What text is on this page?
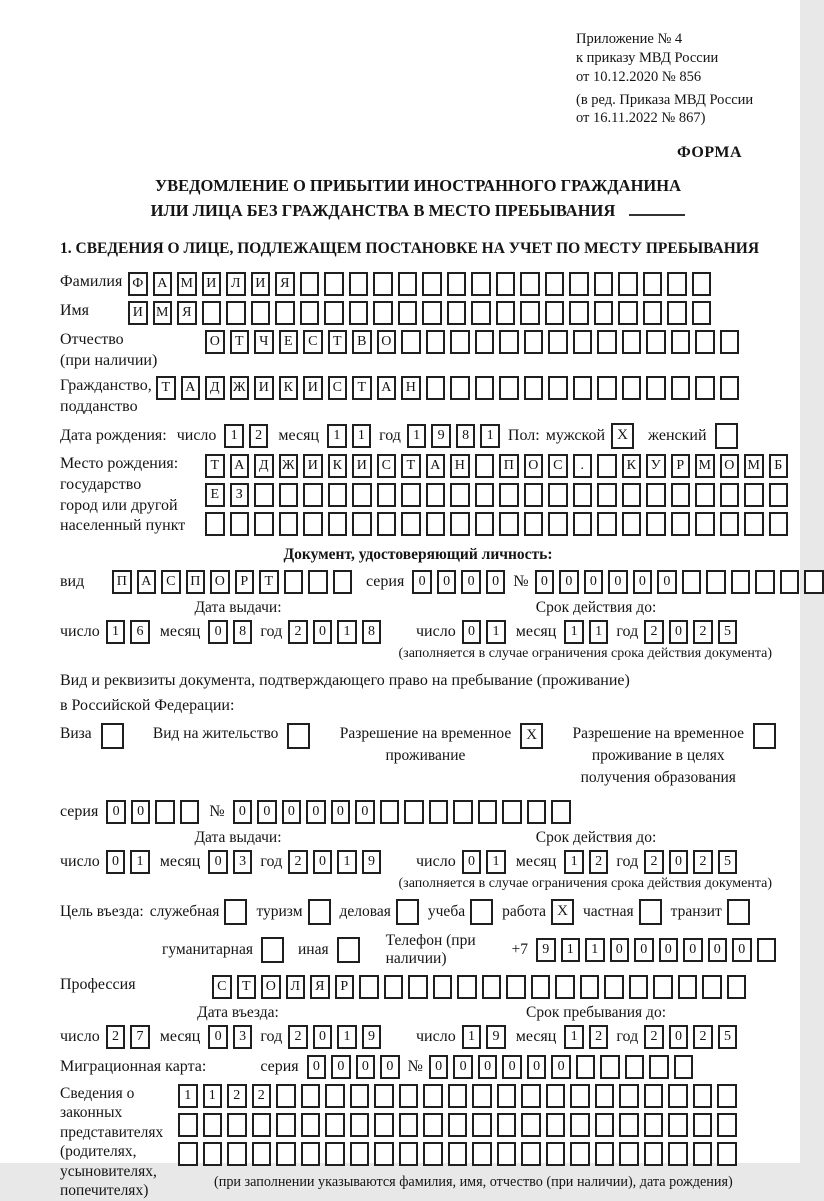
Приложение № 4
к приказу МВД России
от 10.12.2020 № 856
(в ред. Приказа МВД России
от 16.11.2022 № 867)
ФОРМА
УВЕДОМЛЕНИЕ О ПРИБЫТИИ ИНОСТРАННОГО ГРАЖДАНИНА
ИЛИ ЛИЦА БЕЗ ГРАЖДАНСТВА В МЕСТО ПРЕБЫВАНИЯ
1. СВЕДЕНИЯ О ЛИЦЕ, ПОДЛЕЖАЩЕМ ПОСТАНОВКЕ НА УЧЕТ ПО МЕСТУ ПРЕБЫВАНИЯ
Фамилия Ф А М И	Л	И	Я
Имя	И М Я
Отчество
(при наличии)
О	Т	Ч	Е	С	Т	В	О
Гражданство,
подданство
Т	А	Д Ж И	К	И	С	Т	А	Н
Дата рождения: число	1	2	месяц	1	1 год 1	9	8	1 Пол: мужской X	женский
Место рождения:
государство
город или другой
населенный пункт
Т	А	Д Ж И	К	И	С	Т	А	Н	П	О	С	.	К	У	Р	М О М	Б
Е	З
Документ, удостоверяющий личность:
вид	П	А	С	П	О	Р	Т	серия	0	0	0	0 № 0	0	0	0	0	0
Дата выдачи:
число 1	6	месяц	0	8 год 2	0	1	8
Срок действия до:
число 0	1	месяц	1	1 год 2	0	2	5
(заполняется в случае ограничения срока действия документа)
Вид и реквизиты документа, подтверждающего право на пребывание (проживание)
в Российской Федерации:
Виза	Вид на жительство	Разрешение на временное
проживание
X	Разрешение на временное
проживание в целях
получения образования
серия	0	0	№	0	0	0	0	0	0
Дата выдачи:
число 0	1	месяц	0	3 год 2	0	1	9
Срок действия до:
число 0	1	месяц	1	2 год 2	0	2	5
(заполняется в случае ограничения срока действия документа)
Цель въезда: служебная туризм деловая учеба работа X частная транзит
гуманитарная	иная
Телефон (при наличии)
+7	9	1	1	0	0	0	0	0	0
Профессия	С	Т	О	Л	Я	Р
Дата въезда:
число 2	7	месяц	0	3 год 2	0	1	9
Срок пребывания до:
число 1	9	месяц	1	2 год 2	0	2	5
Миграционная карта:	серия	0	0	0	0 № 0	0	0	0	0	0
Сведения о
законных
представителях
(родителях,
усыновителях,
попечителях)
1	1	2	2
(при заполнении указываются фамилия, имя, отчество (при наличии), дата рождения)
